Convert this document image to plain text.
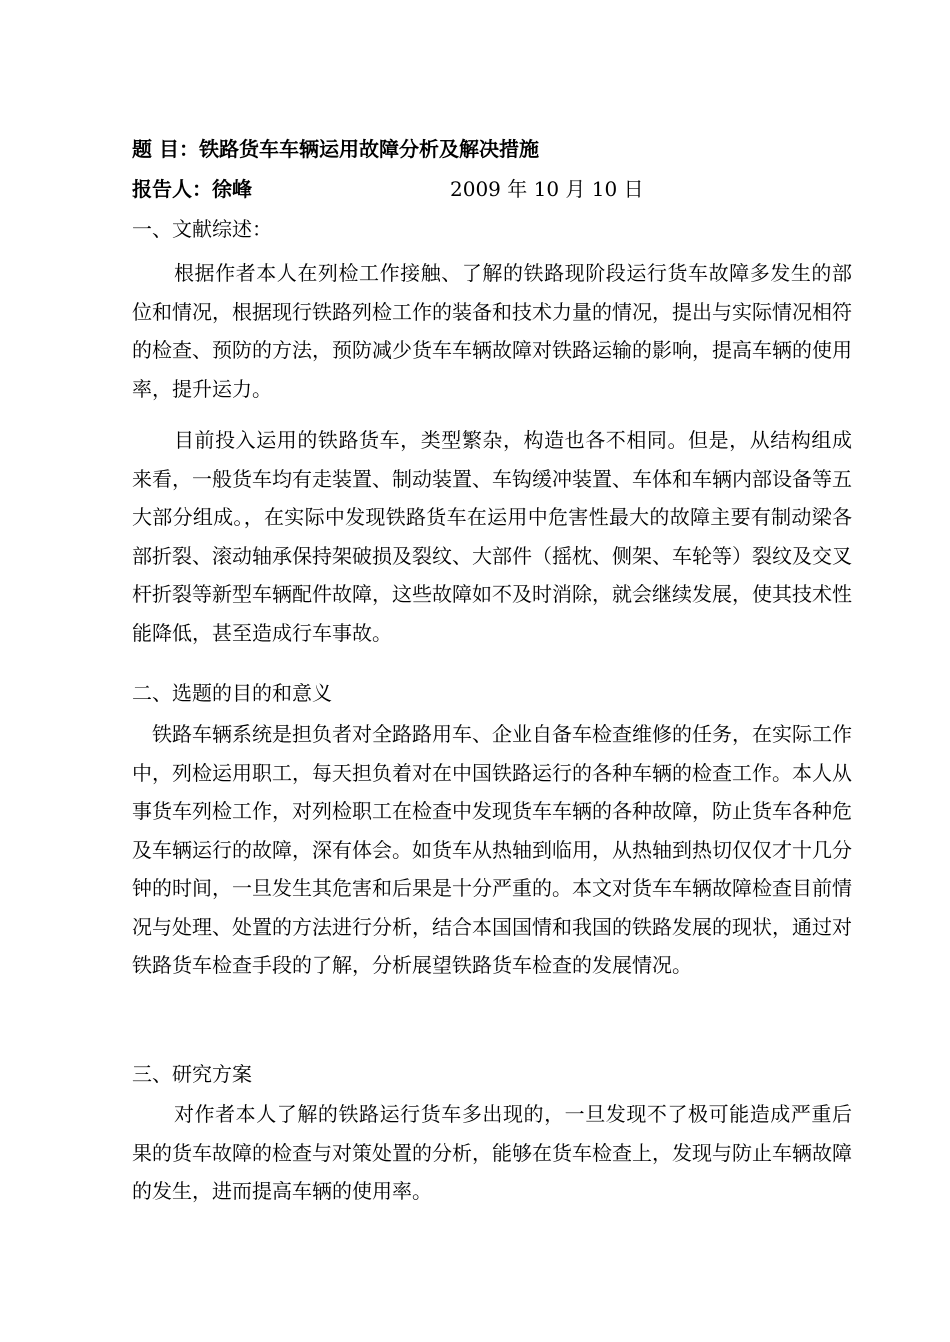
题 目：铁路货车车辆运用故障分析及解决措施
报告人：徐峰	2009 年 10 月 10 日
一、文献综述：
根据作者本人在列检工作接触、了解的铁路现阶段运行货车故障多发生的部位和情况，根据现行铁路列检工作的装备和技术力量的情况，提出与实际情况相符的检查、预防的方法，预防减少货车车辆故障对铁路运输的影响，提高车辆的使用率，提升运力。
目前投入运用的铁路货车，类型繁杂，构造也各不相同。但是，从结构组成来看，一般货车均有走装置、制动装置、车钩缓冲装置、车体和车辆内部设备等五大部分组成。，在实际中发现铁路货车在运用中危害性最大的故障主要有制动梁各部折裂、滚动轴承保持架破损及裂纹、大部件（摇枕、侧架、车轮等）裂纹及交叉杆折裂等新型车辆配件故障，这些故障如不及时消除，就会继续发展，使其技术性能降低，甚至造成行车事故。
二、选题的目的和意义
铁路车辆系统是担负者对全路路用车、企业自备车检查维修的任务，在实际工作中，列检运用职工，每天担负着对在中国铁路运行的各种车辆的检查工作。本人从事货车列检工作，对列检职工在检查中发现货车车辆的各种故障，防止货车各种危及车辆运行的故障，深有体会。如货车从热轴到临用，从热轴到热切仅仅才十几分钟的时间，一旦发生其危害和后果是十分严重的。本文对货车车辆故障检查目前情况与处理、处置的方法进行分析，结合本国国情和我国的铁路发展的现状，通过对铁路货车检查手段的了解，分析展望铁路货车检查的发展情况。
三、研究方案
对作者本人了解的铁路运行货车多出现的，一旦发现不了极可能造成严重后果的货车故障的检查与对策处置的分析，能够在货车检查上，发现与防止车辆故障的发生，进而提高车辆的使用率。
